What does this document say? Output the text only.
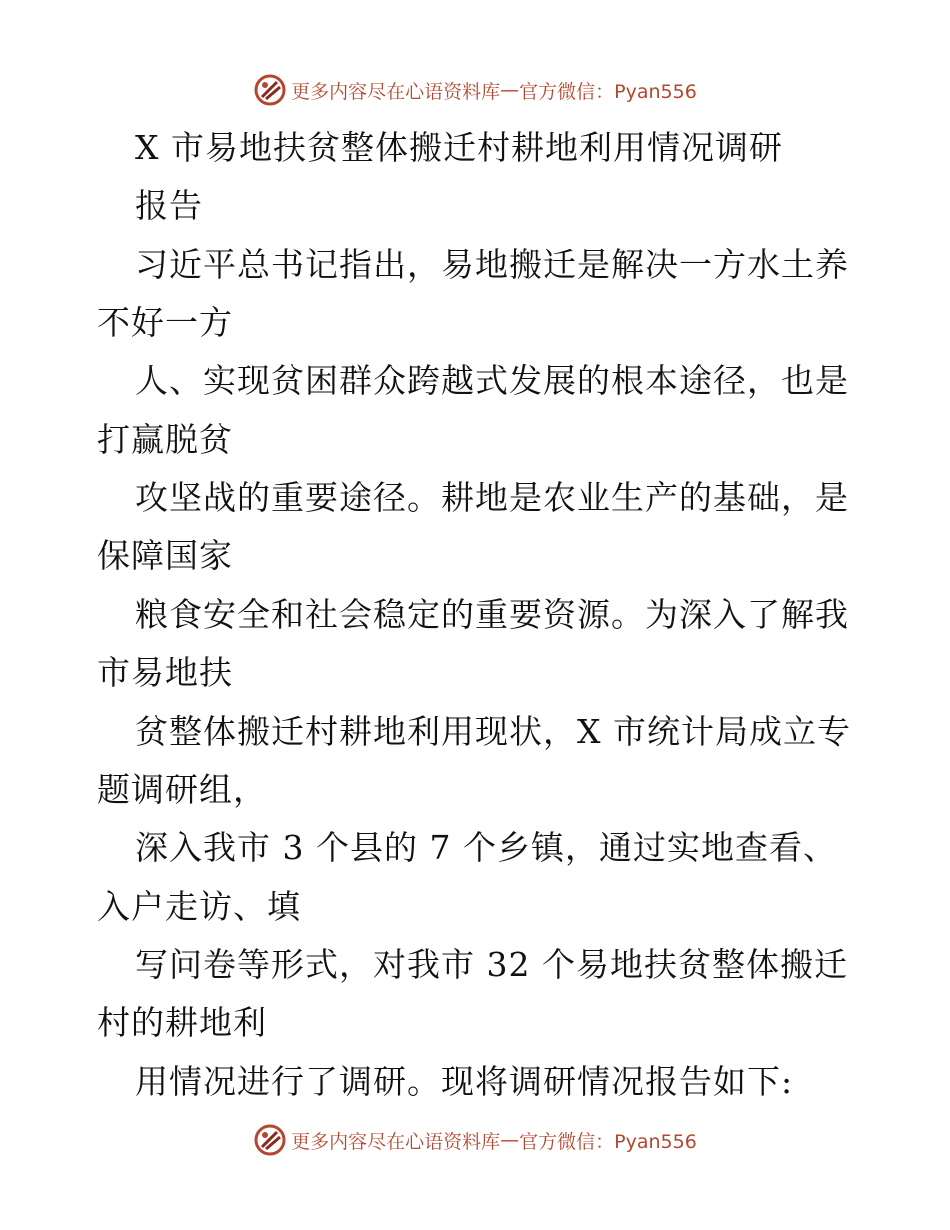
更多内容尽在心语资料库 — 官方微信：Pyan556
X 市易地扶贫整体搬迁村耕地利用情况调研
报告
习近平总书记指出，易地搬迁是解决一方水土养
不好一方
人、实现贫困群众跨越式发展的根本途径，也是
打赢脱贫
攻坚战的重要途径。耕地是农业生产的基础，是
保障国家
粮食安全和社会稳定的重要资源。为深入了解我
市易地扶
贫整体搬迁村耕地利用现状，X 市统计局成立专
题调研组，
深入我市 3 个县的 7 个乡镇，通过实地查看、
入户走访、填
写问卷等形式，对我市 32 个易地扶贫整体搬迁
村的耕地利
用情况进行了调研。现将调研情况报告如下:
更多内容尽在心语资料库 — 官方微信：Pyan556
